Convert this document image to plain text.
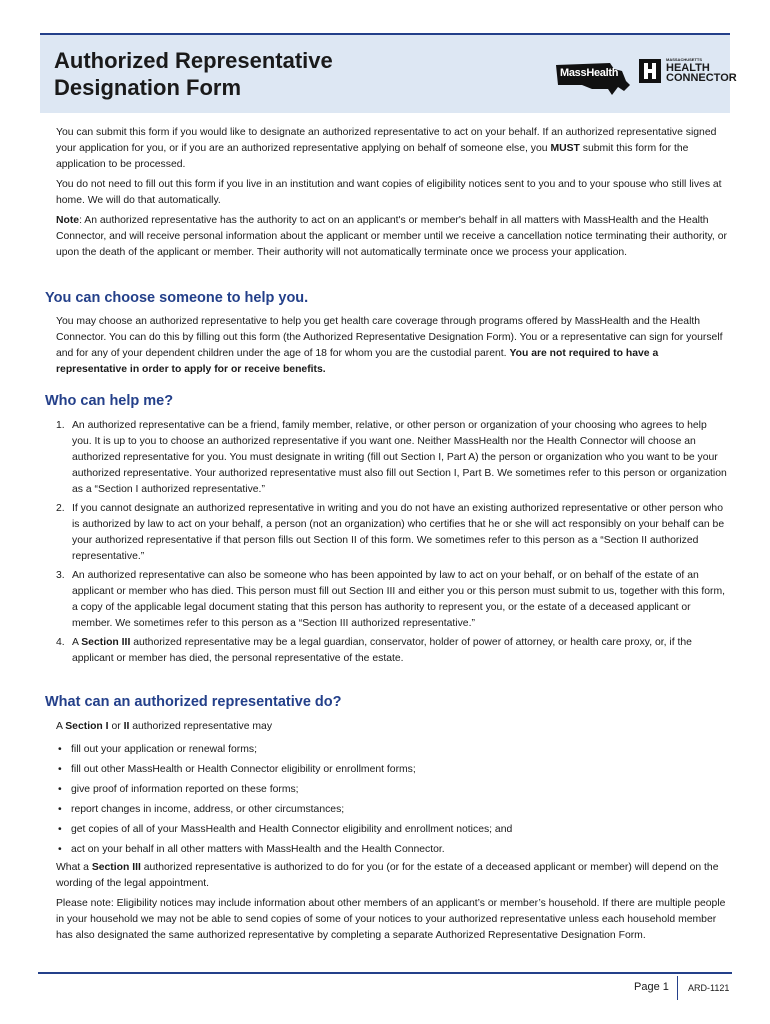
Authorized Representative
Designation Form
MassHealth
MASSACHUSETTS
HEALTH
CONNECTOR

You can submit this form if you would like to designate an authorized representative to act on your behalf. If an authorized representative signed your application for you, or if you are an authorized representative applying on behalf of someone else, you MUST submit this form for the application to be processed.

You do not need to fill out this form if you live in an institution and want copies of eligibility notices sent to you and to your spouse who still lives at home. We will do that automatically.

Note: An authorized representative has the authority to act on an applicant's or member's behalf in all matters with MassHealth and the Health Connector, and will receive personal information about the applicant or member until we receive a cancellation notice terminating their authority, or upon the death of the applicant or member. Their authority will not automatically terminate once we process your application.

You can choose someone to help you.
You may choose an authorized representative to help you get health care coverage through programs offered by MassHealth and the Health Connector. You can do this by filling out this form (the Authorized Representative Designation Form). You or a representative can sign for yourself and for any of your dependent children under the age of 18 for whom you are the custodial parent. You are not required to have a representative in order to apply for or receive benefits.
Who can help me?
1. An authorized representative can be a friend, family member, relative, or other person or organization of your choosing who agrees to help you. It is up to you to choose an authorized representative if you want one. Neither MassHealth nor the Health Connector will choose an authorized representative for you. You must designate in writing (fill out Section I, Part A) the person or organization who you want to be your authorized representative. Your authorized representative must also fill out Section I, Part B. We sometimes refer to this person or organization as a “Section I authorized representative.”
2. If you cannot designate an authorized representative in writing and you do not have an existing authorized representative or other person who is authorized by law to act on your behalf, a person (not an organization) who certifies that he or she will act responsibly on your behalf can be your authorized representative if that person fills out Section II of this form. We sometimes refer to this person as a “Section II authorized representative.”
3. An authorized representative can also be someone who has been appointed by law to act on your behalf, or on behalf of the estate of an applicant or member who has died. This person must fill out Section III and either you or this person must submit to us, together with this form, a copy of the applicable legal document stating that this person has authority to represent you, or the estate of a deceased applicant or member. We sometimes refer to this person as a “Section III authorized representative.”
4. A Section III authorized representative may be a legal guardian, conservator, holder of power of attorney, or health care proxy, or, if the applicant or member has died, the personal representative of the estate.
What can an authorized representative do?
A Section I or II authorized representative may
• fill out your application or renewal forms;
• fill out other MassHealth or Health Connector eligibility or enrollment forms;
• give proof of information reported on these forms;
• report changes in income, address, or other circumstances;
• get copies of all of your MassHealth and Health Connector eligibility and enrollment notices; and
• act on your behalf in all other matters with MassHealth and the Health Connector.
What a Section III authorized representative is authorized to do for you (or for the estate of a deceased applicant or member) will depend on the wording of the legal appointment.
Please note: Eligibility notices may include information about other members of an applicant’s or member’s household. If there are multiple people in your household we may not be able to send copies of some of your notices to your authorized representative unless each household member has also designated the same authorized representative by completing a separate Authorized Representative Designation Form.
Page 1 ARD-1121
